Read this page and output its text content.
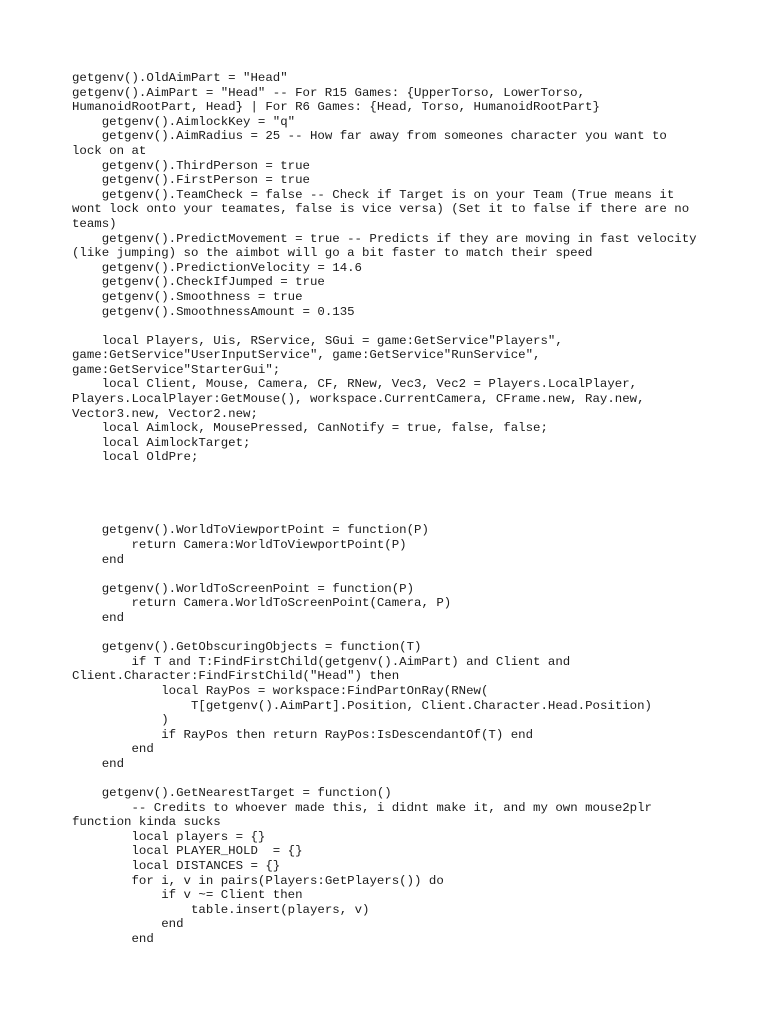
getgenv().OldAimPart = "Head"
getgenv().AimPart = "Head" -- For R15 Games: {UpperTorso, LowerTorso, HumanoidRootPart, Head} | For R6 Games: {Head, Torso, HumanoidRootPart}
getgenv().AimlockKey = "q"
getgenv().AimRadius = 25 -- How far away from someones character you want to lock on at
getgenv().ThirdPerson = true
getgenv().FirstPerson = true
getgenv().TeamCheck = false -- Check if Target is on your Team (True means it wont lock onto your teamates, false is vice versa) (Set it to false if there are no teams)
getgenv().PredictMovement = true -- Predicts if they are moving in fast velocity (like jumping) so the aimbot will go a bit faster to match their speed
getgenv().PredictionVelocity = 14.6
getgenv().CheckIfJumped = true
getgenv().Smoothness = true
getgenv().SmoothnessAmount = 0.135
local Players, Uis, RService, SGui = game:GetService"Players", game:GetService"UserInputService", game:GetService"RunService", game:GetService"StarterGui";
local Client, Mouse, Camera, CF, RNew, Vec3, Vec2 = Players.LocalPlayer, Players.LocalPlayer:GetMouse(), workspace.CurrentCamera, CFrame.new, Ray.new, Vector3.new, Vector2.new;
local Aimlock, MousePressed, CanNotify = true, false, false;
local AimlockTarget;
local OldPre;
getgenv().WorldToViewportPoint = function(P)
return Camera:WorldToViewportPoint(P)
end
getgenv().WorldToScreenPoint = function(P)
return Camera.WorldToScreenPoint(Camera, P)
end
getgenv().GetObscuringObjects = function(T)
if T and T:FindFirstChild(getgenv().AimPart) and Client and Client.Character:FindFirstChild("Head") then
local RayPos = workspace:FindPartOnRay(RNew(
T[getgenv().AimPart].Position, Client.Character.Head.Position)
)
if RayPos then return RayPos:IsDescendantOf(T) end
end
end
getgenv().GetNearestTarget = function()
-- Credits to whoever made this, i didnt make it, and my own mouse2plr function kinda sucks
local players = {}
local PLAYER_HOLD  = {}
local DISTANCES = {}
for i, v in pairs(Players:GetPlayers()) do
if v ~= Client then
table.insert(players, v)
end
end
